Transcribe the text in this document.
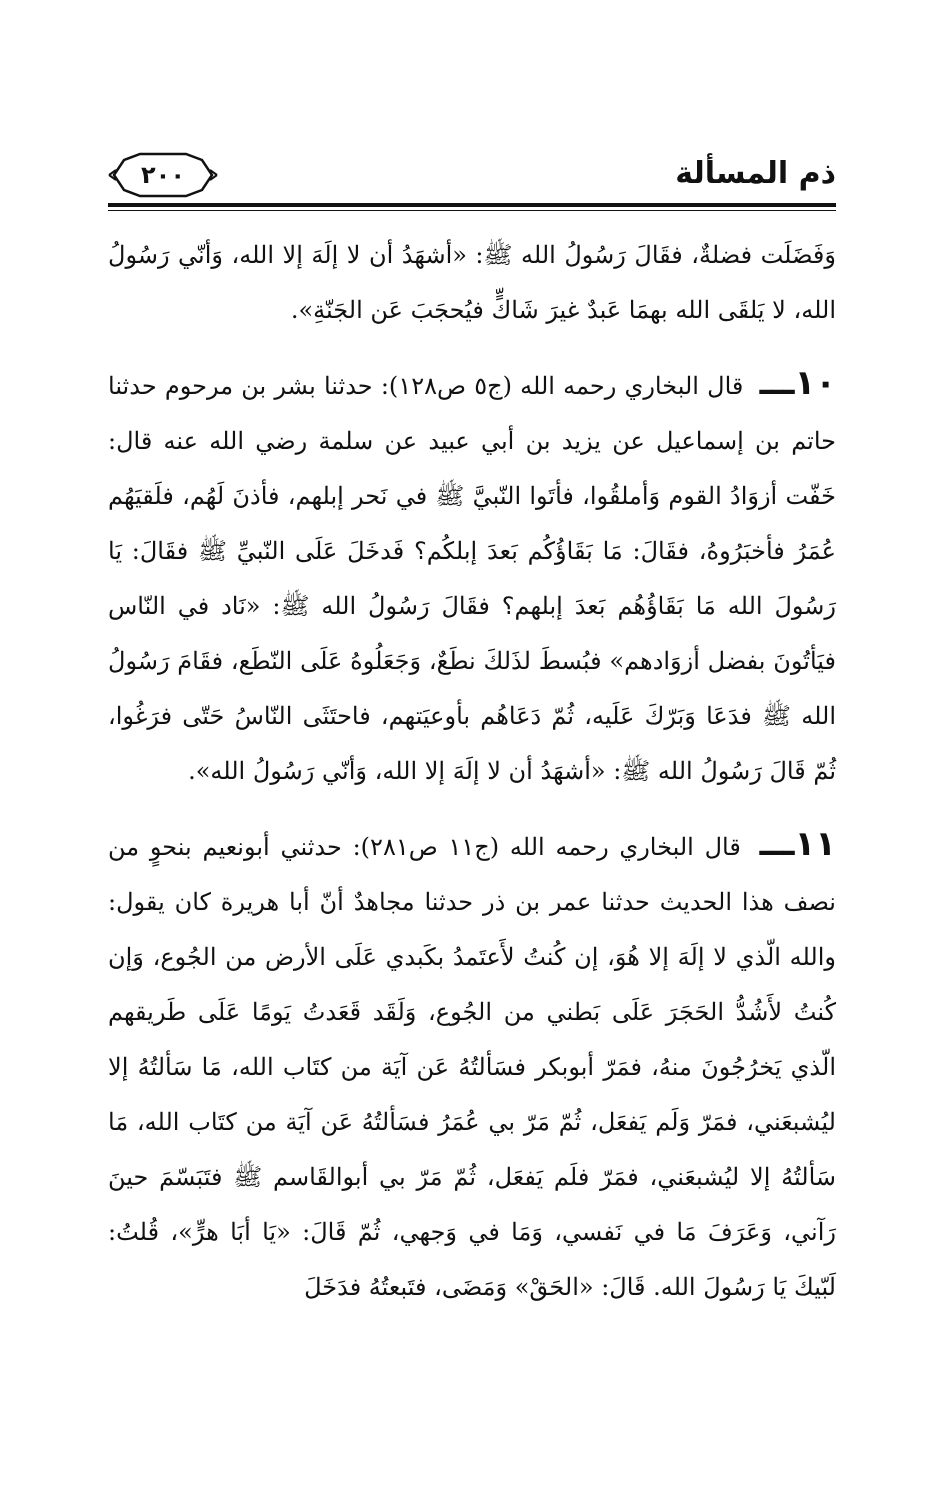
ذم المسألة
٢٠٠

وَفَضَلَت فضلةٌ، فقَالَ رَسُولُ الله ﷺ: «أشهَدُ أن لا إلَهَ إلا الله، وَأنّي رَسُولُ الله، لا يَلقَى الله بهمَا عَبدٌ غيرَ شَاكٍّ فيُحجَبَ عَن الجَنّةِ».

١٠ـــ قال البخاري رحمه الله (ج٥ ص١٢٨): حدثنا بشر بن مرحوم حدثنا حاتم بن إسماعيل عن يزيد بن أبي عبيد عن سلمة رضي الله عنه قال: خَفّت أزوَادُ القوم وَأملقُوا، فأتَوا النّبيَّ ﷺ في نَحر إبلهم، فأذنَ لَهُم، فلَقيَهُم عُمَرُ فأخبَرُوهُ، فقَالَ: مَا بَقَاؤُكُم بَعدَ إبلكُم؟ فَدخَلَ عَلَى النّبيِّ ﷺ فقَالَ: يَا رَسُولَ الله مَا بَقَاؤُهُم بَعدَ إبلهم؟ فقَالَ رَسُولُ الله ﷺ: «نَاد في النّاس فيَأتُونَ بفضل أزوَادهم» فبُسطَ لذَلكَ نطَعٌ، وَجَعَلُوهُ عَلَى النّطَع، فقَامَ رَسُولُ الله ﷺ فدَعَا وَبَرّكَ عَلَيه، ثُمّ دَعَاهُم بأوعيَتهم، فاحتَثَى النّاسُ حَتّى فرَغُوا، ثُمّ قَالَ رَسُولُ الله ﷺ: «أشهَدُ أن لا إلَهَ إلا الله، وَأنّي رَسُولُ الله».

١١ـــ قال البخاري رحمه الله (ج١١ ص٢٨١): حدثني أبونعيم بنحوٍ من نصف هذا الحديث حدثنا عمر بن ذر حدثنا مجاهدٌ أنّ أبا هريرة كان يقول: والله الّذي لا إلَهَ إلا هُوَ، إن كُنتُ لأَعتَمدُ بكَبدي عَلَى الأرض من الجُوع، وَإن كُنتُ لأَشُدُّ الحَجَرَ عَلَى بَطني من الجُوع، وَلَقَد قَعَدتُ يَومًا عَلَى طَريقهم الّذي يَخرُجُونَ منهُ، فمَرّ أبوبكر فسَألتُهُ عَن آيَة من كتَاب الله، مَا سَألتُهُ إلا ليُشبعَني، فمَرّ وَلَم يَفعَل، ثُمّ مَرّ بي عُمَرُ فسَألتُهُ عَن آيَة من كتَاب الله، مَا سَألتُهُ إلا ليُشبعَني، فمَرّ فلَم يَفعَل، ثُمّ مَرّ بي أبوالقَاسم ﷺ فتَبَسّمَ حينَ رَآني، وَعَرَفَ مَا في نَفسي، وَمَا في وَجهي، ثُمّ قَالَ: «يَا أبَا هرٍّ»، قُلتُ: لَبّيكَ يَا رَسُولَ الله. قَالَ: «الحَقْ» وَمَضَى، فتَبعتُهُ فدَخَلَ
